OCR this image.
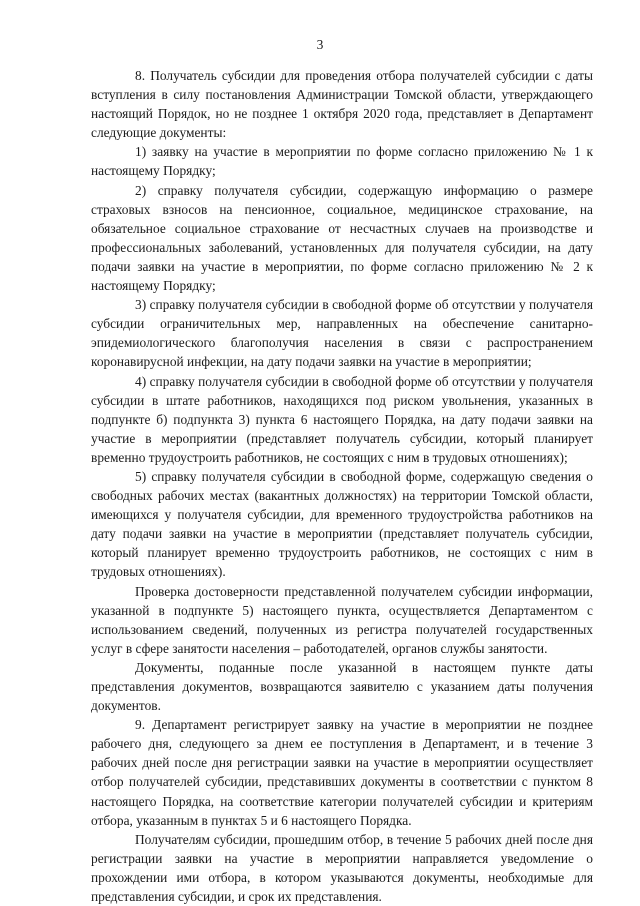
3

8. Получатель субсидии для проведения отбора получателей субсидии с даты вступления в силу постановления Администрации Томской области, утверждающего настоящий Порядок, но не позднее 1 октября 2020 года, представляет в Департамент следующие документы:

1) заявку на участие в мероприятии по форме согласно приложению № 1 к настоящему Порядку;

2) справку получателя субсидии, содержащую информацию о размере страховых взносов на пенсионное, социальное, медицинское страхование, на обязательное социальное страхование от несчастных случаев на производстве и профессиональных заболеваний, установленных для получателя субсидии, на дату подачи заявки на участие в мероприятии, по форме согласно приложению № 2 к настоящему Порядку;

3) справку получателя субсидии в свободной форме об отсутствии у получателя субсидии ограничительных мер, направленных на обеспечение санитарно-эпидемиологического благополучия населения в связи с распространением коронавирусной инфекции, на дату подачи заявки на участие в мероприятии;

4) справку получателя субсидии в свободной форме об отсутствии у получателя субсидии в штате работников, находящихся под риском увольнения, указанных в подпункте б) подпункта 3) пункта 6 настоящего Порядка, на дату подачи заявки на участие в мероприятии (представляет получатель субсидии, который планирует временно трудоустроить работников, не состоящих с ним в трудовых отношениях);

5) справку получателя субсидии в свободной форме, содержащую сведения о свободных рабочих местах (вакантных должностях) на территории Томской области, имеющихся у получателя субсидии, для временного трудоустройства работников на дату подачи заявки на участие в мероприятии (представляет получатель субсидии, который планирует временно трудоустроить работников, не состоящих с ним в трудовых отношениях).

Проверка достоверности представленной получателем субсидии информации, указанной в подпункте 5) настоящего пункта, осуществляется Департаментом с использованием сведений, полученных из регистра получателей государственных услуг в сфере занятости населения – работодателей, органов службы занятости.

Документы, поданные после указанной в настоящем пункте даты представления документов, возвращаются заявителю с указанием даты получения документов.

9. Департамент регистрирует заявку на участие в мероприятии не позднее рабочего дня, следующего за днем ее поступления в Департамент, и в течение 3 рабочих дней после дня регистрации заявки на участие в мероприятии осуществляет отбор получателей субсидии, представивших документы в соответствии с пунктом 8 настоящего Порядка, на соответствие категории получателей субсидии и критериям отбора, указанным в пунктах 5 и 6 настоящего Порядка.

Получателям субсидии, прошедшим отбор, в течение 5 рабочих дней после дня регистрации заявки на участие в мероприятии направляется уведомление о прохождении ими отбора, в котором указываются документы, необходимые для представления субсидии, и срок их представления.
